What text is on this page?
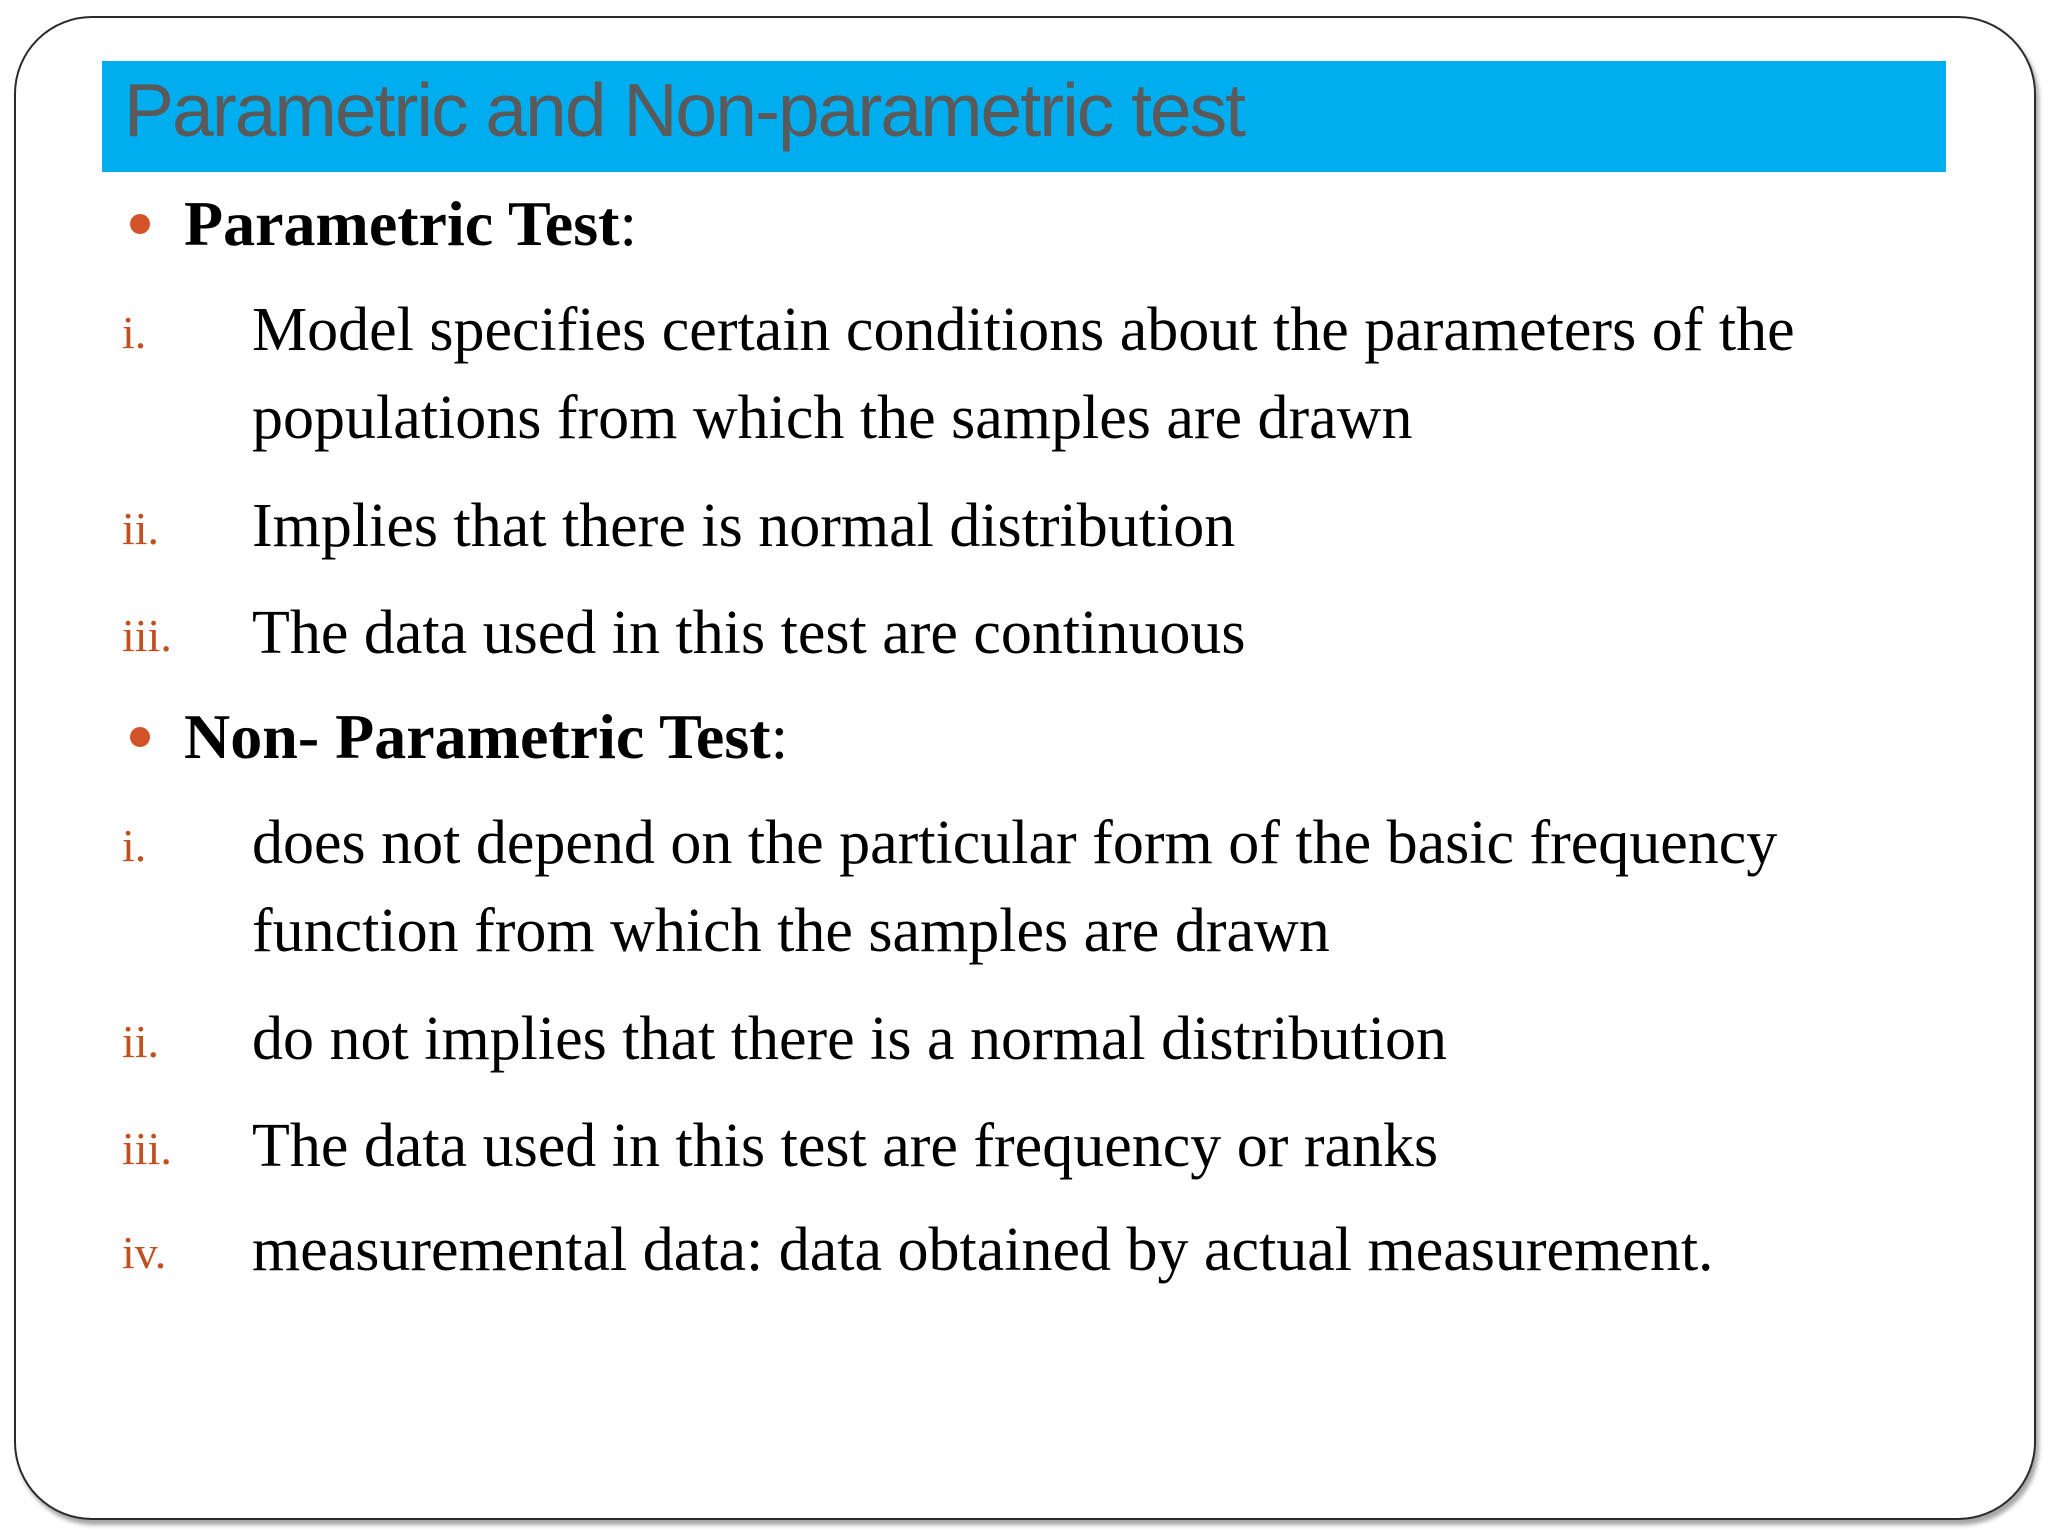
Parametric and Non-parametric test
Parametric Test:
i. Model specifies certain conditions about the parameters of the
populations from which the samples are drawn
ii. Implies that there is normal distribution
iii. The data used in this test are continuous
Non- Parametric Test:
i. does not depend on the particular form of the basic frequency
function from which the samples are drawn
ii. do not implies that there is a normal distribution
iii. The data used in this test are frequency or ranks
iv. measuremental data: data obtained by actual measurement.
